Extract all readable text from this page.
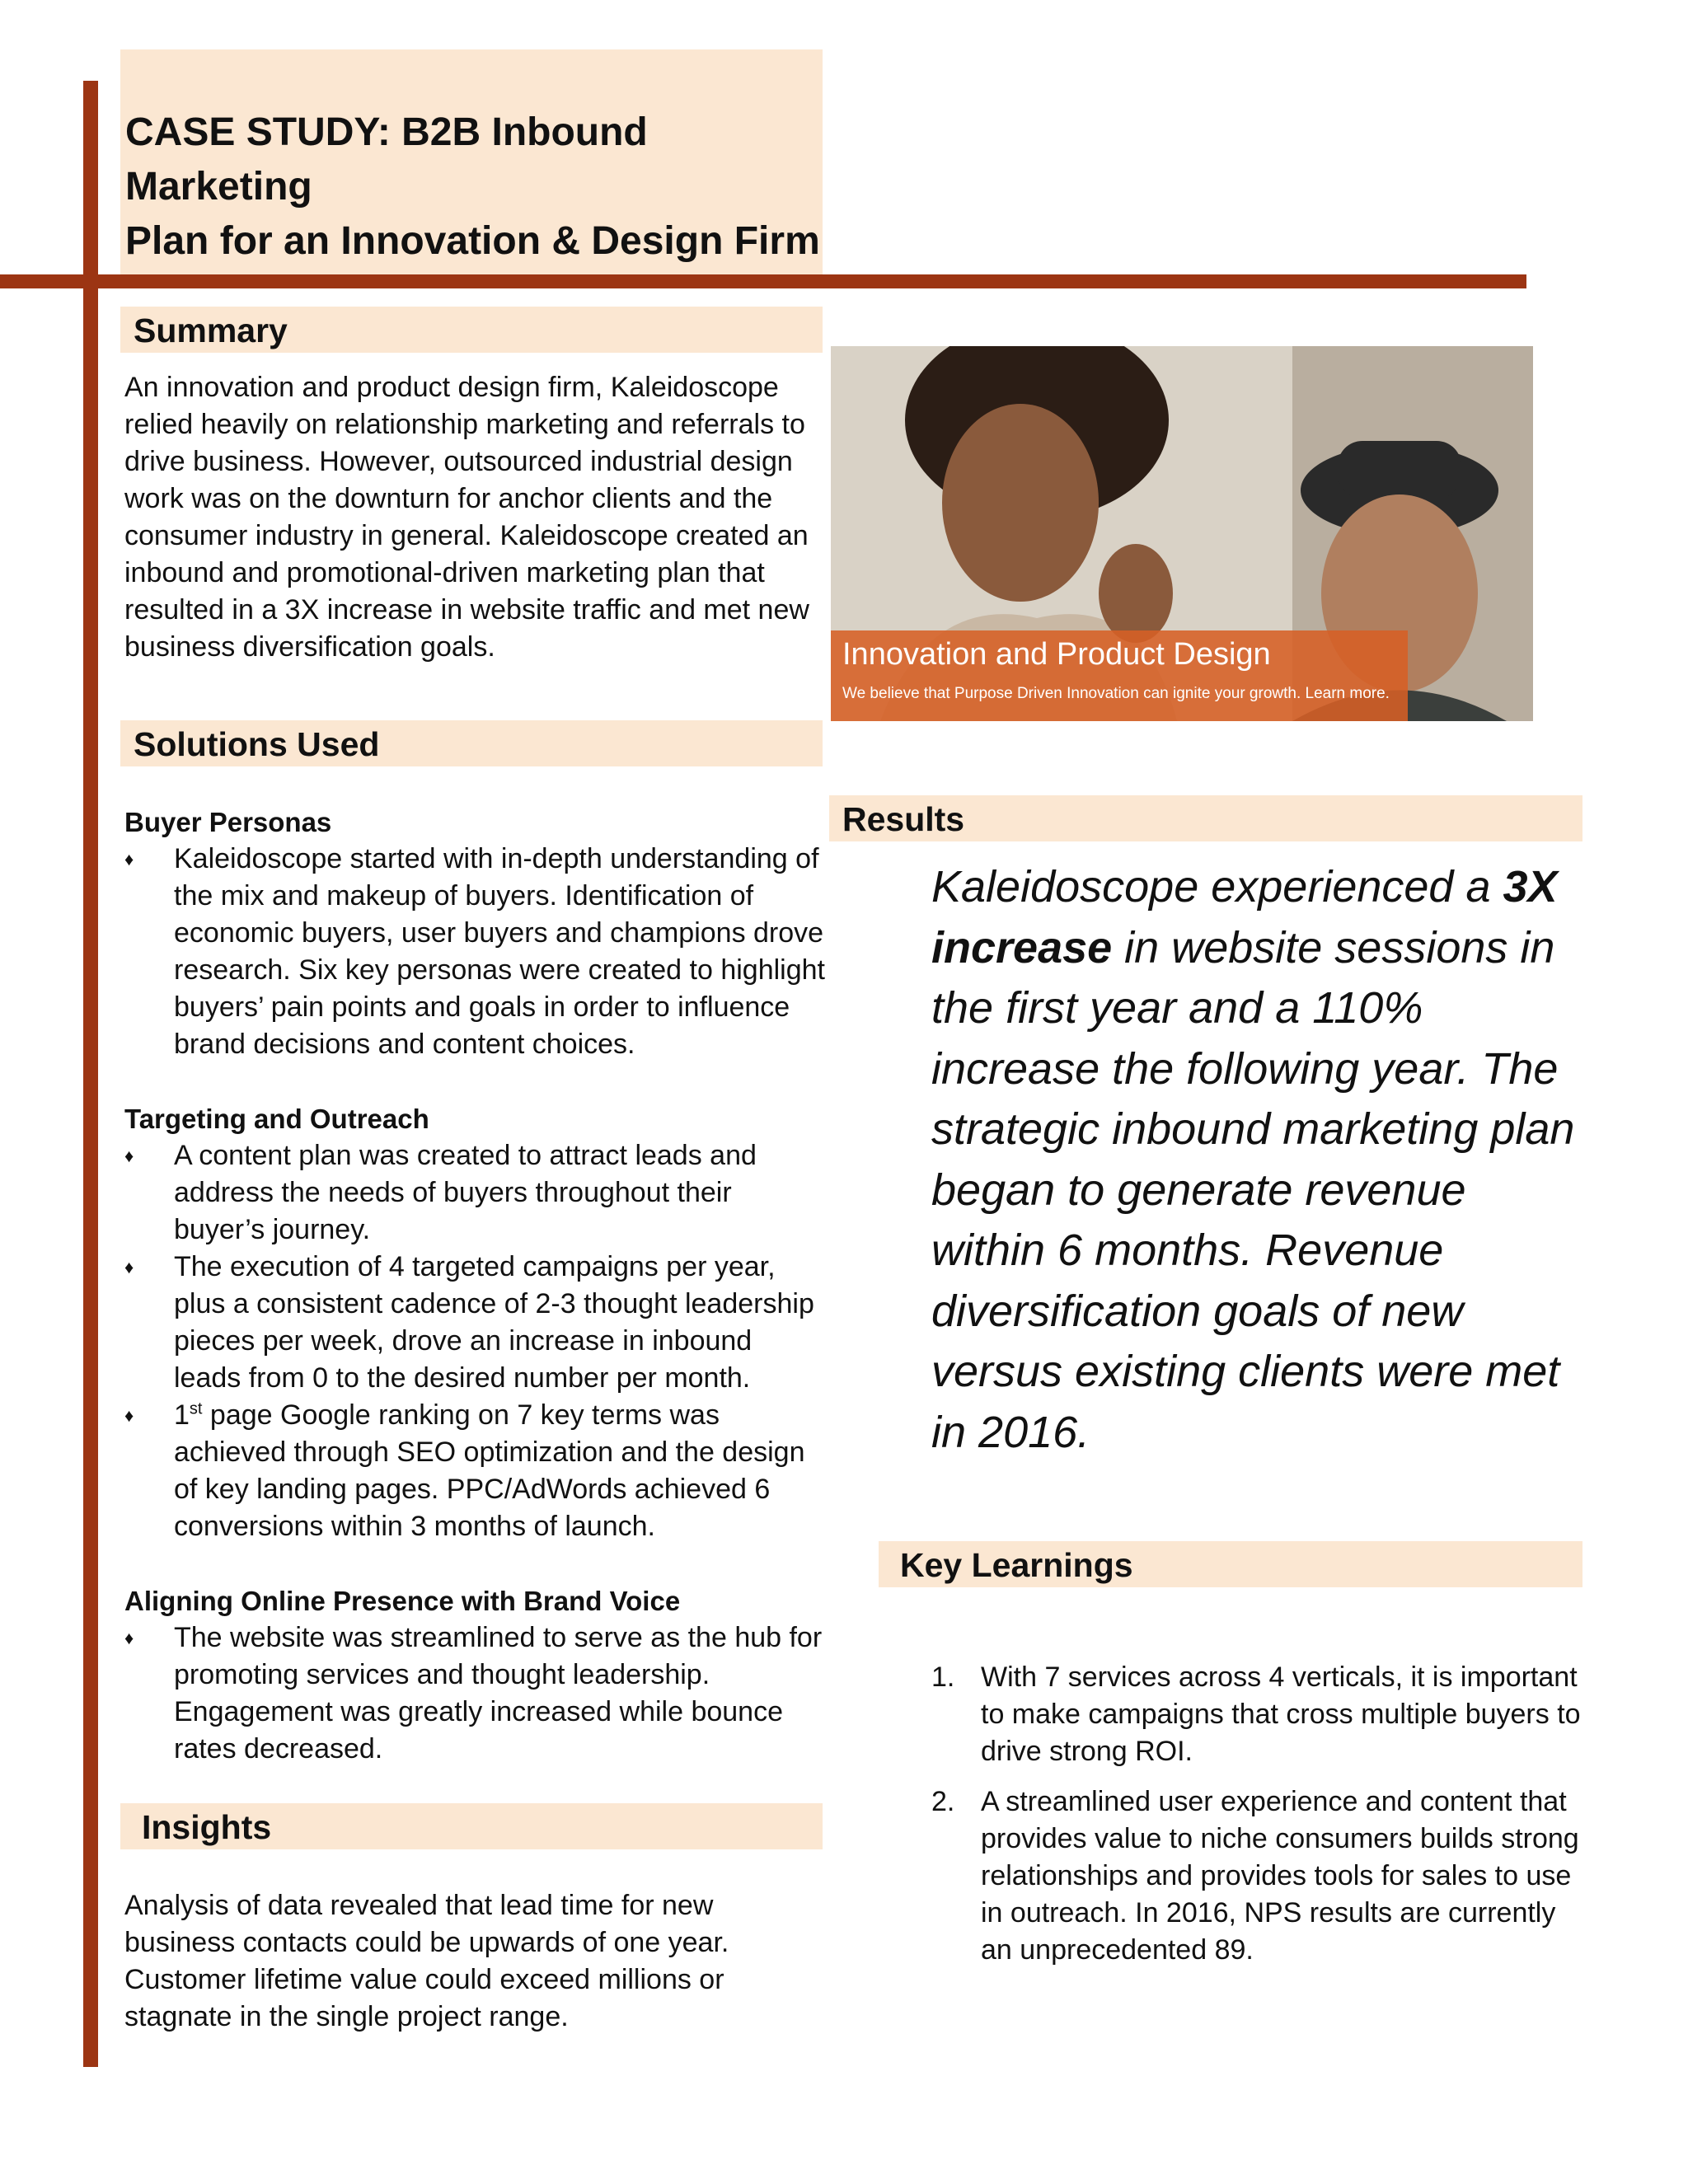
CASE STUDY: B2B Inbound Marketing
Plan for an Innovation & Design Firm
Summary
An innovation and product design firm, Kaleidoscope relied heavily on relationship marketing and referrals to drive business. However, outsourced industrial design work was on the downturn for anchor clients and the consumer industry in general. Kaleidoscope created an inbound and promotional-driven marketing plan that resulted in a 3X increase in website traffic and met new business diversification goals.
Solutions Used
Buyer Personas
♦	Kaleidoscope started with in-depth understanding of the mix and makeup of buyers. Identification of economic buyers, user buyers and champions drove research. Six key personas were created to highlight buyers’ pain points and goals in order to influence brand decisions and content choices.
Targeting and Outreach
♦	A content plan was created to attract leads and address the needs of buyers throughout their buyer’s journey.
♦	The execution of 4 targeted campaigns per year, plus a consistent cadence of 2-3 thought leadership pieces per week, drove an increase in inbound leads from 0 to the desired number per month.
♦	1st page Google ranking on 7 key terms was achieved through SEO optimization and the design of key landing pages. PPC/AdWords achieved 6 conversions within 3 months of launch.
Aligning Online Presence with Brand Voice
♦	The website was streamlined to serve as the hub for promoting services and thought leadership. Engagement was greatly increased while bounce rates decreased.
Insights
Analysis of data revealed that lead time for new business contacts could be upwards of one year. Customer lifetime value could exceed millions or stagnate in the single project range.
Innovation and Product Design
We believe that Purpose Driven Innovation can ignite your growth. Learn more.
Results
Kaleidoscope experienced a 3X increase in website sessions in the first year and a 110% increase the following year. The strategic inbound marketing plan began to generate revenue within 6 months. Revenue diversification goals of new versus existing clients were met in 2016.
Key Learnings
1. With 7 services across 4 verticals, it is important to make campaigns that cross multiple buyers to drive strong ROI.
2. A streamlined user experience and content that provides value to niche consumers builds strong relationships and provides tools for sales to use in outreach. In 2016, NPS results are currently an unprecedented 89.
